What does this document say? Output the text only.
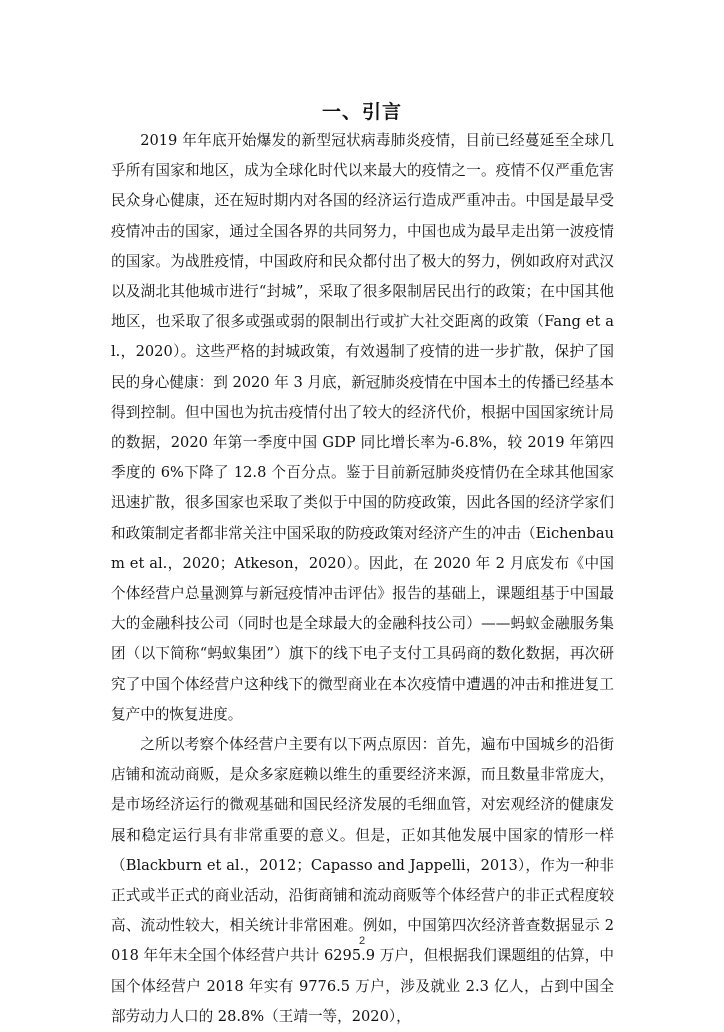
一、引言

2019 年年底开始爆发的新型冠状病毒肺炎疫情，目前已经蔓延至全球几乎所有国家和地区，成为全球化时代以来最大的疫情之一。疫情不仅严重危害民众身心健康，还在短时期内对各国的经济运行造成严重冲击。中国是最早受疫情冲击的国家，通过全国各界的共同努力，中国也成为最早走出第一波疫情的国家。为战胜疫情，中国政府和民众都付出了极大的努力，例如政府对武汉以及湖北其他城市进行“封城”，采取了很多限制居民出行的政策；在中国其他地区，也采取了很多或强或弱的限制出行或扩大社交距离的政策（Fang et al.，2020）。这些严格的封城政策，有效遏制了疫情的进一步扩散，保护了国民的身心健康：到 2020 年 3 月底，新冠肺炎疫情在中国本土的传播已经基本得到控制。但中国也为抗击疫情付出了较大的经济代价，根据中国国家统计局的数据，2020 年第一季度中国 GDP 同比增长率为-6.8%，较 2019 年第四季度的 6%下降了 12.8 个百分点。鉴于目前新冠肺炎疫情仍在全球其他国家迅速扩散，很多国家也采取了类似于中国的防疫政策，因此各国的经济学家们和政策制定者都非常关注中国采取的防疫政策对经济产生的冲击（Eichenbaum et al.，2020；Atkeson，2020）。因此，在 2020 年 2 月底发布《中国个体经营户总量测算与新冠疫情冲击评估》报告的基础上，课题组基于中国最大的金融科技公司（同时也是全球最大的金融科技公司）——蚂蚁金融服务集团（以下简称“蚂蚁集团”）旗下的线下电子支付工具码商的数化数据，再次研究了中国个体经营户这种线下的微型商业在本次疫情中遭遇的冲击和推进复工复产中的恢复进度。

之所以考察个体经营户主要有以下两点原因：首先，遍布中国城乡的沿街店铺和流动商贩，是众多家庭赖以维生的重要经济来源，而且数量非常庞大，是市场经济运行的微观基础和国民经济发展的毛细血管，对宏观经济的健康发展和稳定运行具有非常重要的意义。但是，正如其他发展中国家的情形一样（Blackburn et al.，2012；Capasso and Jappelli，2013），作为一种非正式或半正式的商业活动，沿街商铺和流动商贩等个体经营户的非正式程度较高、流动性较大，相关统计非常困难。例如，中国第四次经济普查数据显示 2018 年年末全国个体经营户共计 6295.9 万户，但根据我们课题组的估算，中国个体经营户 2018 年实有 9776.5 万户，涉及就业 2.3 亿人，占到中国全部劳动力人口的 28.8%（王靖一等，2020），

2
